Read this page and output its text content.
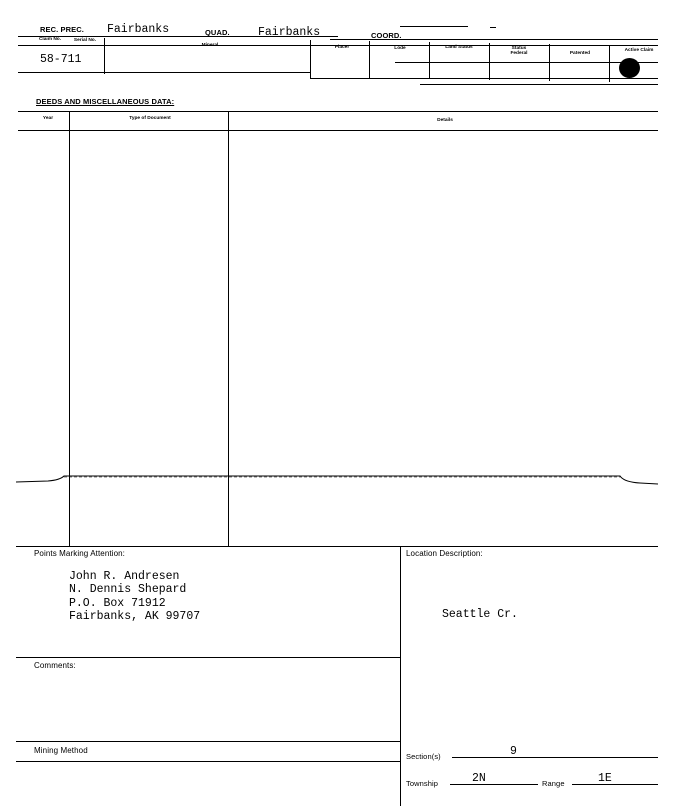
REC. PREC. Fairbanks	QUAD. Fairbanks	COORD.
Claim No.	Serial No.
Mineral	Placer	Lode	Land Status	Status Federal	Patented
Active Claim
58-711
DEEDS AND MISCELLANEOUS DATA:
Year	Type of Document	Details
Points Marking Attention:
John R. Andresen
N. Dennis Shepard
P.O. Box 71912
Fairbanks, AK 99707
Location Description:
Seattle Cr.
Comments:
Mining Method
Section(s)	9
Township	2N	Range	1E
